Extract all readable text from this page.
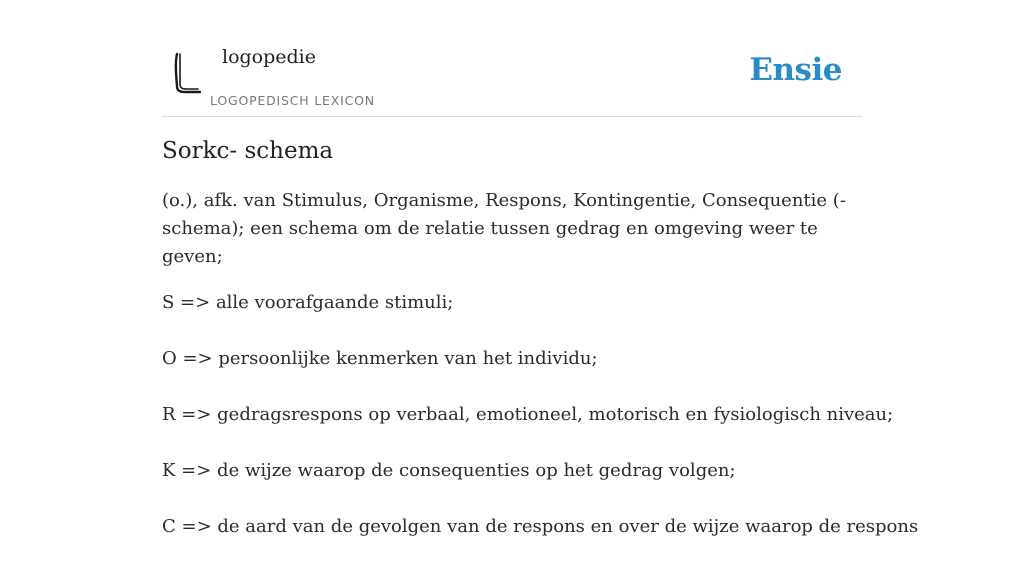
logopedie
LOGOPEDISCH LEXICON
Ensie
Sorkc- schema

(o.), afk. van Stimulus, Organisme, Respons, Kontingentie, Consequentie (-schema); een schema om de relatie tussen gedrag en omgeving weer te geven;

S => alle voorafgaande stimuli;
O => persoonlijke kenmerken van het individu;
R => gedragsrespons op verbaal, emotioneel, motorisch en fysiologisch niveau;
K => de wijze waarop de consequenties op het gedrag volgen;
C => de aard van de gevolgen van de respons en over de wijze waarop de respons
